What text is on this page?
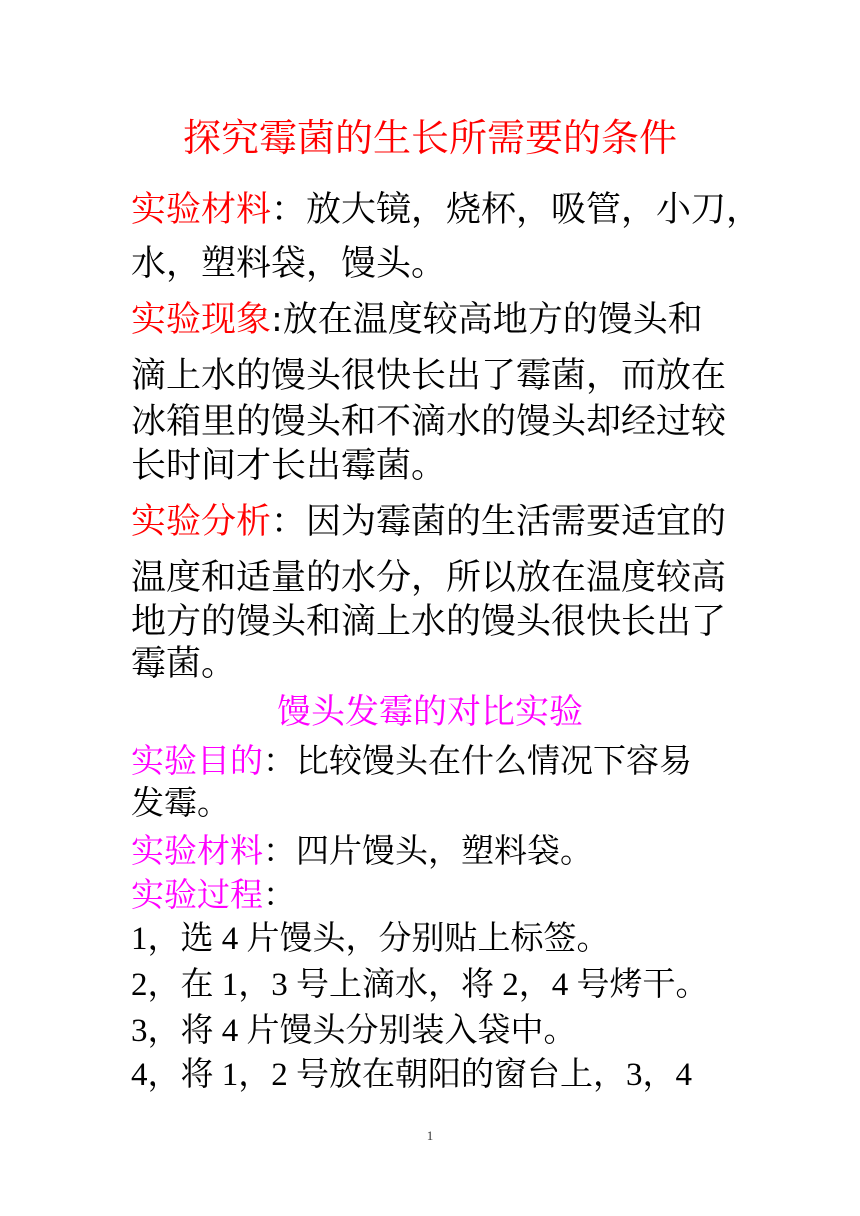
探究霉菌的生长所需要的条件
实验材料：放大镜，烧杯，吸管，小刀，
水，塑料袋，馒头。
实验现象:放在温度较高地方的馒头和
滴上水的馒头很快长出了霉菌，而放在
冰箱里的馒头和不滴水的馒头却经过较
长时间才长出霉菌。
实验分析：因为霉菌的生活需要适宜的
温度和适量的水分，所以放在温度较高
地方的馒头和滴上水的馒头很快长出了
霉菌。
馒头发霉的对比实验
实验目的：比较馒头在什么情况下容易
发霉。
实验材料：四片馒头，塑料袋。
实验过程：
1，选 4 片馒头，分别贴上标签。
2，在 1，3 号上滴水，将 2，4 号烤干。
3，将 4 片馒头分别装入袋中。
4，将 1，2 号放在朝阳的窗台上，3，4
1
